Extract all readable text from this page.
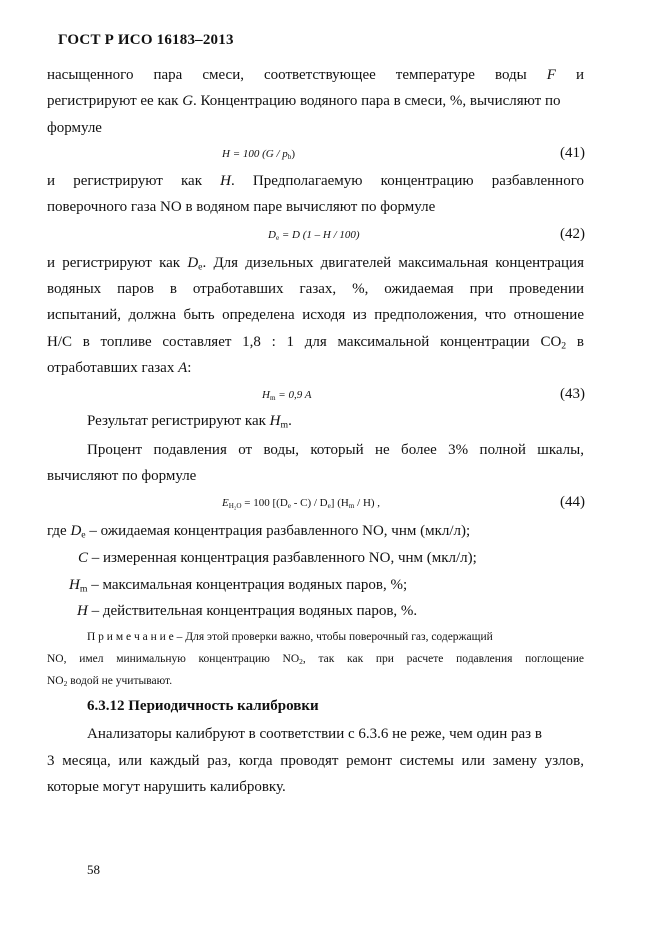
ГОСТ Р ИСО 16183–2013
насыщенного пара смеси, соответствующее температуре воды F и
регистрируют ее как G. Концентрацию водяного пара в смеси, %, вычисляют по
формуле
H = 100 $(G / p_b)$	(41)
и регистрируют как H. Предполагаемую концентрацию разбавленного
поверочного газа NO в водяном паре вычисляют по формуле
$D_e = D$ (1 – H / 100)	(42)
и регистрируют как $D_e$. Для дизельных двигателей максимальная концентрация
водяных паров в отработавших газах, %, ожидаемая при проведении
испытаний, должна быть определена исходя из предположения, что отношение
Н/С в топливе составляет 1,8 : 1 для максимальной концентрации $СО_2$ в
отработавших газах A:
$H_m = 0,9$ A	(43)
Результат регистрируют как $H_m$.
Процент подавления от воды, который не более 3% полной шкалы,
вычисляют по формуле
$E_{H_2O} = 100$ $[(D_e - C) / D_e]$ $(H_m / H)$ ,	(44)
где $D_e$ – ожидаемая концентрация разбавленного NO, чнм (мкл/л);
C – измеренная концентрация разбавленного NO, чнм (мкл/л);
$H_m$ – максимальная концентрация водяных паров, %;
H – действительная концентрация водяных паров, %.
П р и м е ч а н и е – Для этой проверки важно, чтобы поверочный газ, содержащий
NO, имел минимальную концентрацию $NO_2$, так как при расчете подавления поглощение
$NO_2$ водой не учитывают.
6.3.12 Периодичность калибровки
Анализаторы калибруют в соответствии с 6.3.6 не реже, чем один раз в
3 месяца, или каждый раз, когда проводят ремонт системы или замену узлов,
которые могут нарушить калибровку.
58
